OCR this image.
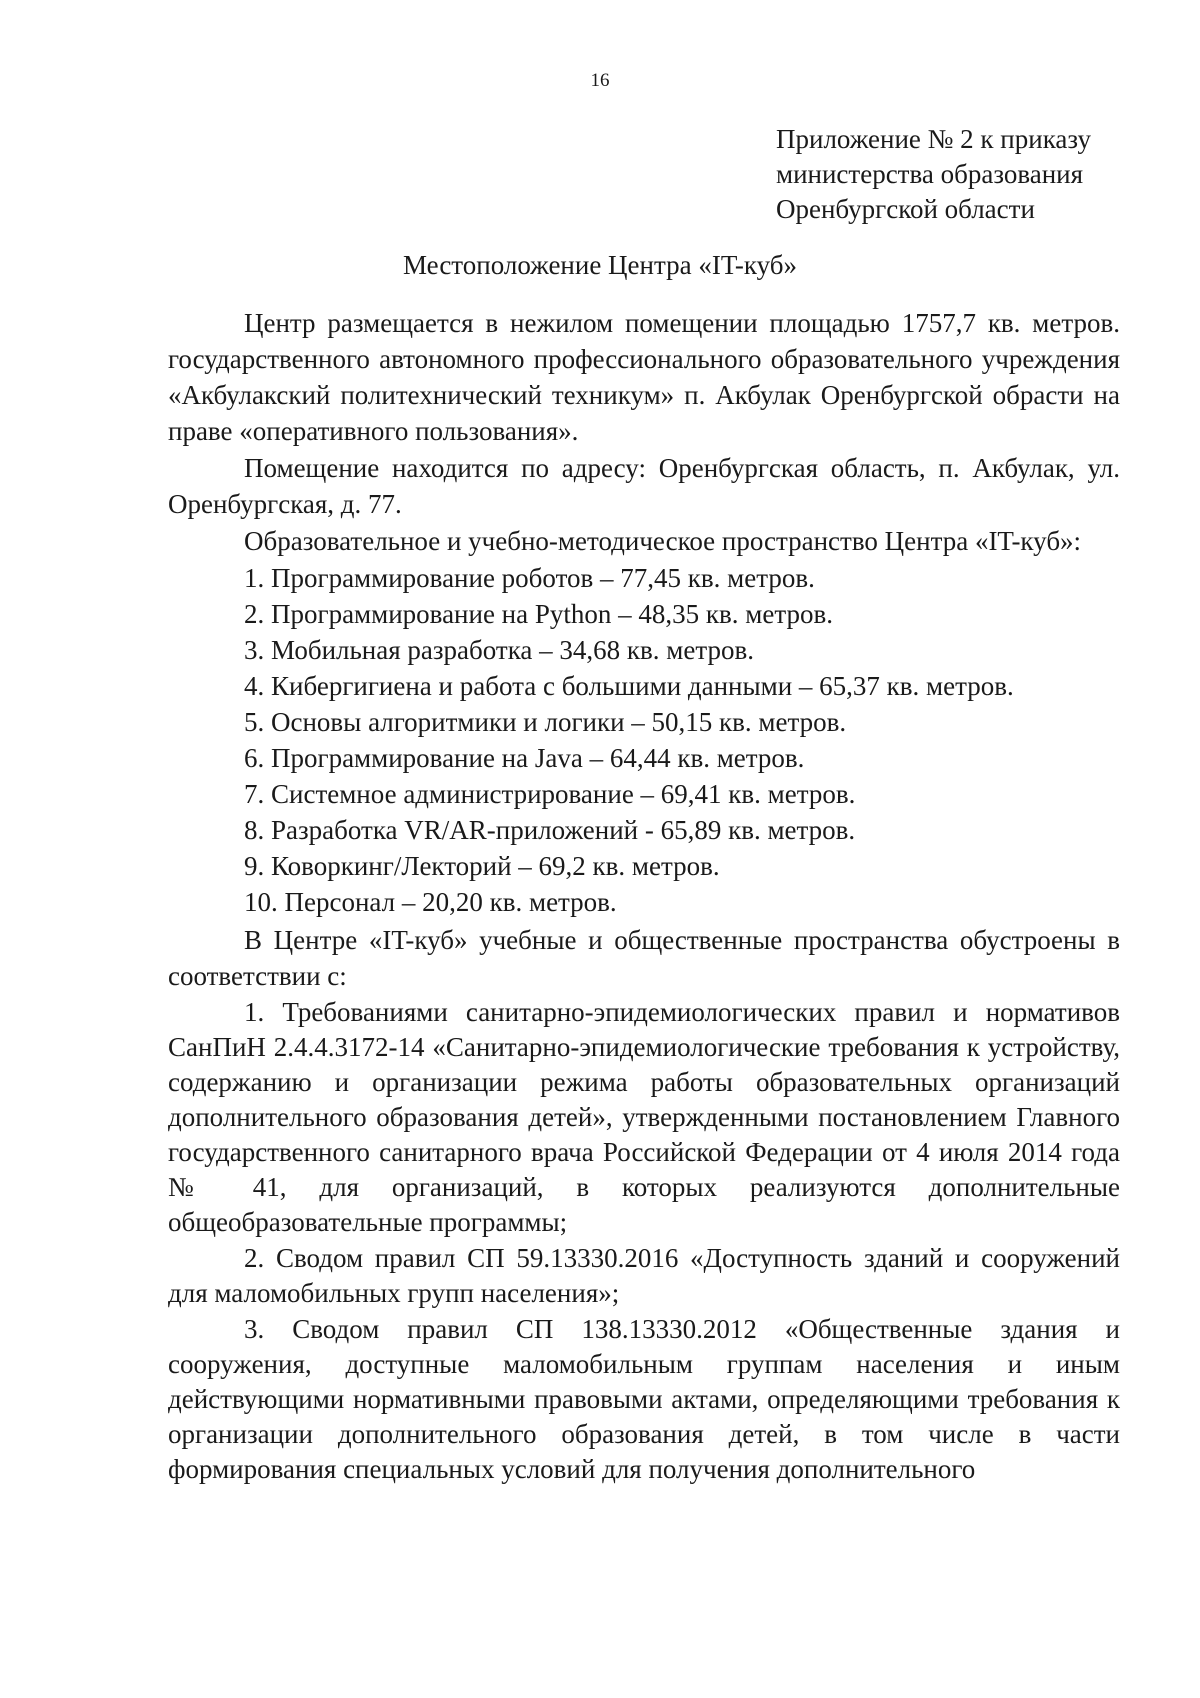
16
Приложение № 2 к приказу
министерства образования
Оренбургской области
Местоположение Центра «IT-куб»

Центр размещается в нежилом помещении площадью 1757,7 кв. метров. государственного автономного профессионального образовательного учреждения «Акбулакский политехнический техникум» п. Акбулак Оренбургской обрасти на праве «оперативного пользования».

Помещение находится по адресу: Оренбургская область, п. Акбулак, ул. Оренбургская, д. 77.

Образовательное и учебно-методическое пространство Центра «IT-куб»:

1. Программирование роботов – 77,45 кв. метров.
2. Программирование на Python – 48,35 кв. метров.
3. Мобильная разработка – 34,68 кв. метров.
4. Кибергигиена и работа с большими данными – 65,37 кв. метров.
5. Основы алгоритмики и логики – 50,15 кв. метров.
6. Программирование на Java – 64,44 кв. метров.
7. Системное администрирование – 69,41 кв. метров.
8. Разработка VR/AR-приложений - 65,89 кв. метров.
9. Коворкинг/Лекторий – 69,2 кв. метров.
10. Персонал – 20,20 кв. метров.

В Центре «IT-куб» учебные и общественные пространства обустроены в соответствии с:

1. Требованиями санитарно-эпидемиологических правил и нормативов СанПиН 2.4.4.3172-14 «Санитарно-эпидемиологические требования к устройству, содержанию и организации режима работы образовательных организаций дополнительного образования детей», утвержденными постановлением Главного государственного санитарного врача Российской Федерации от 4 июля 2014 года № 41, для организаций, в которых реализуются дополнительные общеобразовательные программы;

2. Сводом правил СП 59.13330.2016 «Доступность зданий и сооружений для маломобильных групп населения»;

3. Сводом правил СП 138.13330.2012 «Общественные здания и сооружения, доступные маломобильным группам населения и иным действующими нормативными правовыми актами, определяющими требования к организации дополнительного образования детей, в том числе в части формирования специальных условий для получения дополнительного
